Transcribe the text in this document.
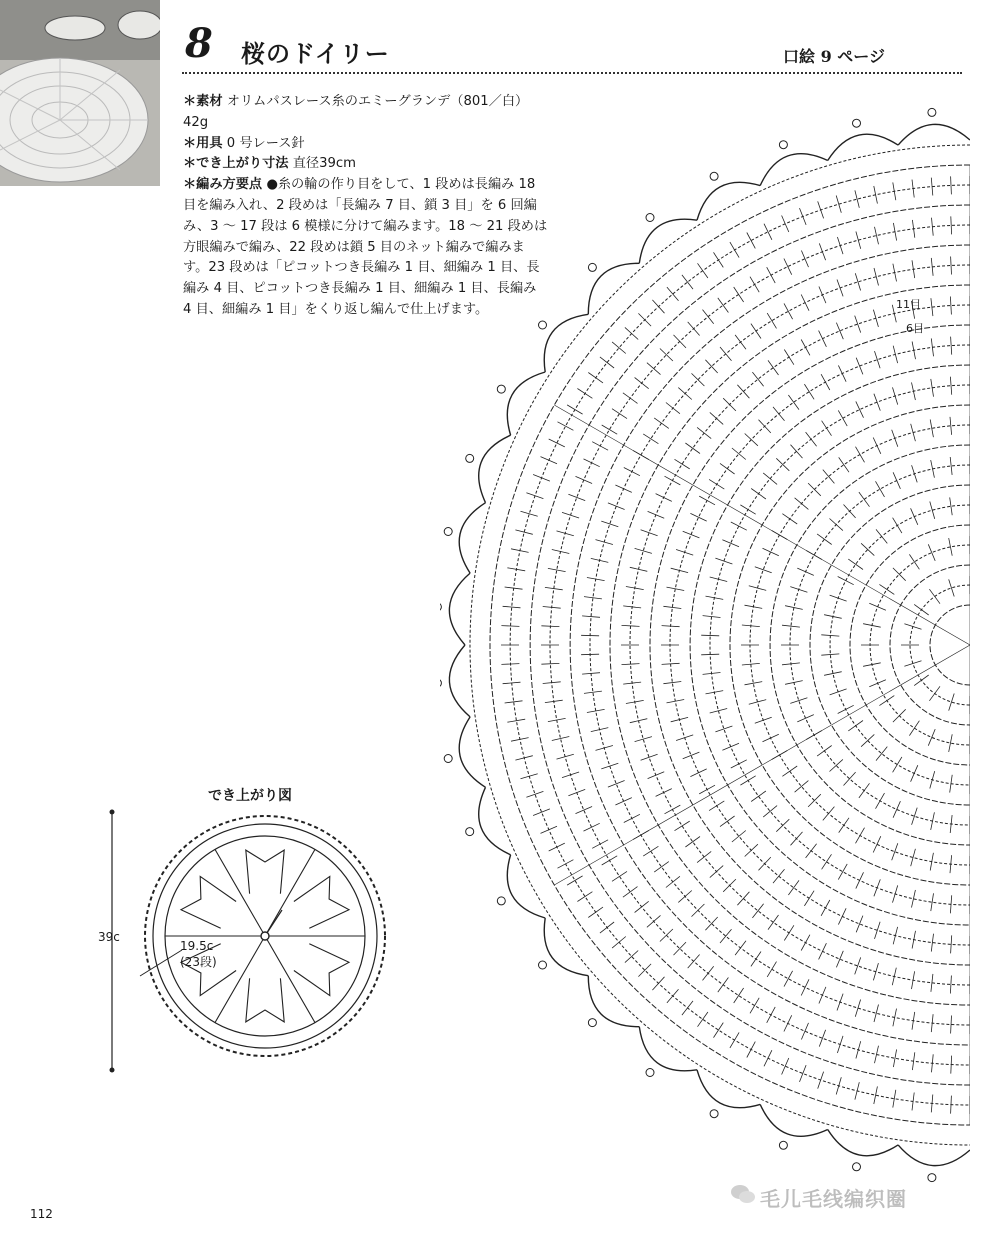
8 桜のドイリー	口絵 9 ページ

＊素材 オリムパスレース糸のエミーグランデ（801／白）42g

＊用具 0 号レース針

＊でき上がり寸法 直径39cm

＊編み方要点 ●糸の輪の作り目をして、1 段めは長編み 18 目を編み入れ、2 段めは「長編み 7 目、鎖 3 目」を 6 回編み、3 ～ 17 段は 6 模様に分けて編みます。18 ～ 21 段めは方眼編みで編み、22 段めは鎖 5 目のネット編みで編みます。23 段めは「ピコットつき長編み 1 目、細編み 1 目、長編み 4 目、ピコットつき長編み 1 目、細編み 1 目、長編み 4 目、細編み 1 目」をくり返し編んで仕上げます。

でき上がり図
39c
19.5c
(23段)
11目
6目
112
毛儿毛线编织圈
